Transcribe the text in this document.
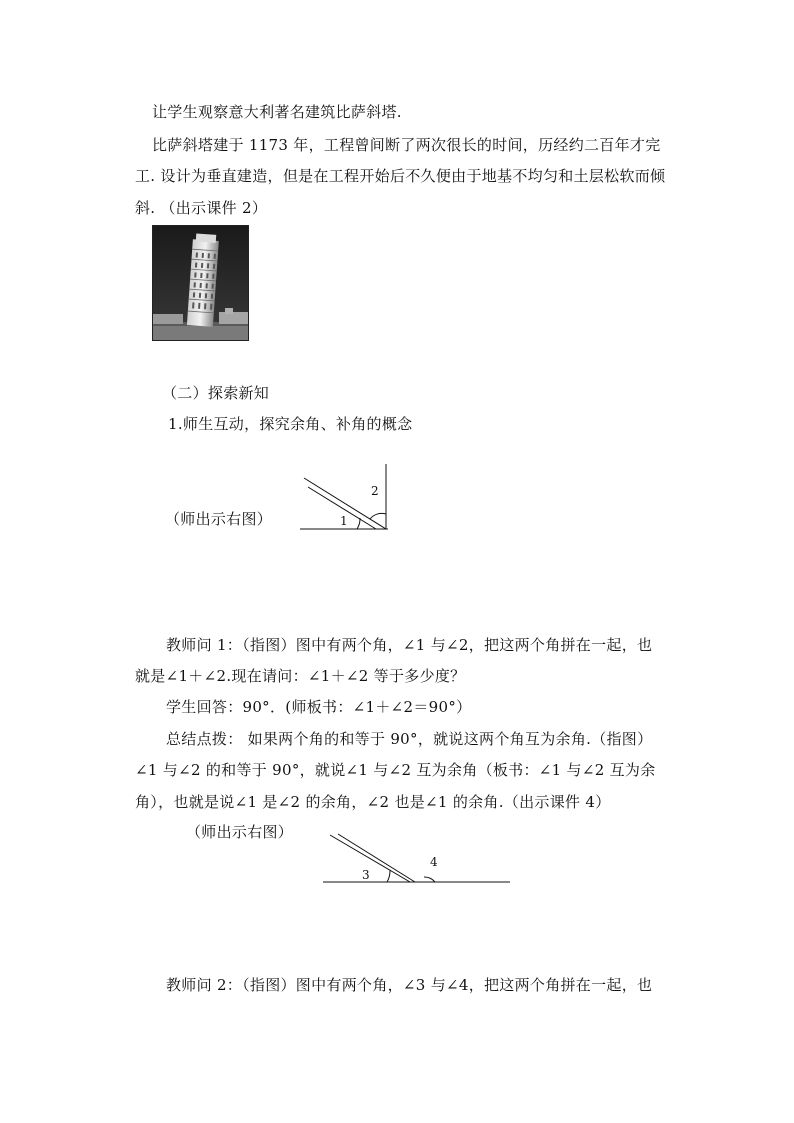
让学生观察意大利著名建筑比萨斜塔.
比萨斜塔建于 1173 年，工程曾间断了两次很长的时间，历经约二百年才完
工. 设计为垂直建造，但是在工程开始后不久便由于地基不均匀和土层松软而倾
斜. （出示课件 2）
（二）探索新知
1.师生互动，探究余角、补角的概念
（师出示右图）	1
2
教师问 1：（指图）图中有两个角，∠1 与∠2，把这两个角拼在一起，也
就是∠1＋∠2.现在请问：∠1＋∠2 等于多少度？
学生回答：90°．(师板书：∠1＋∠2＝90°）
总结点拨： 如果两个角的和等于 90°，就说这两个角互为余角.（指图）
∠1 与∠2 的和等于 90°，就说∠1 与∠2 互为余角（板书：∠1 与∠2 互为余
角），也就是说∠1 是∠2 的余角，∠2 也是∠1 的余角.（出示课件 4）
（师出示右图）
3
4
教师问 2：（指图）图中有两个角，∠3 与∠4，把这两个角拼在一起，也
